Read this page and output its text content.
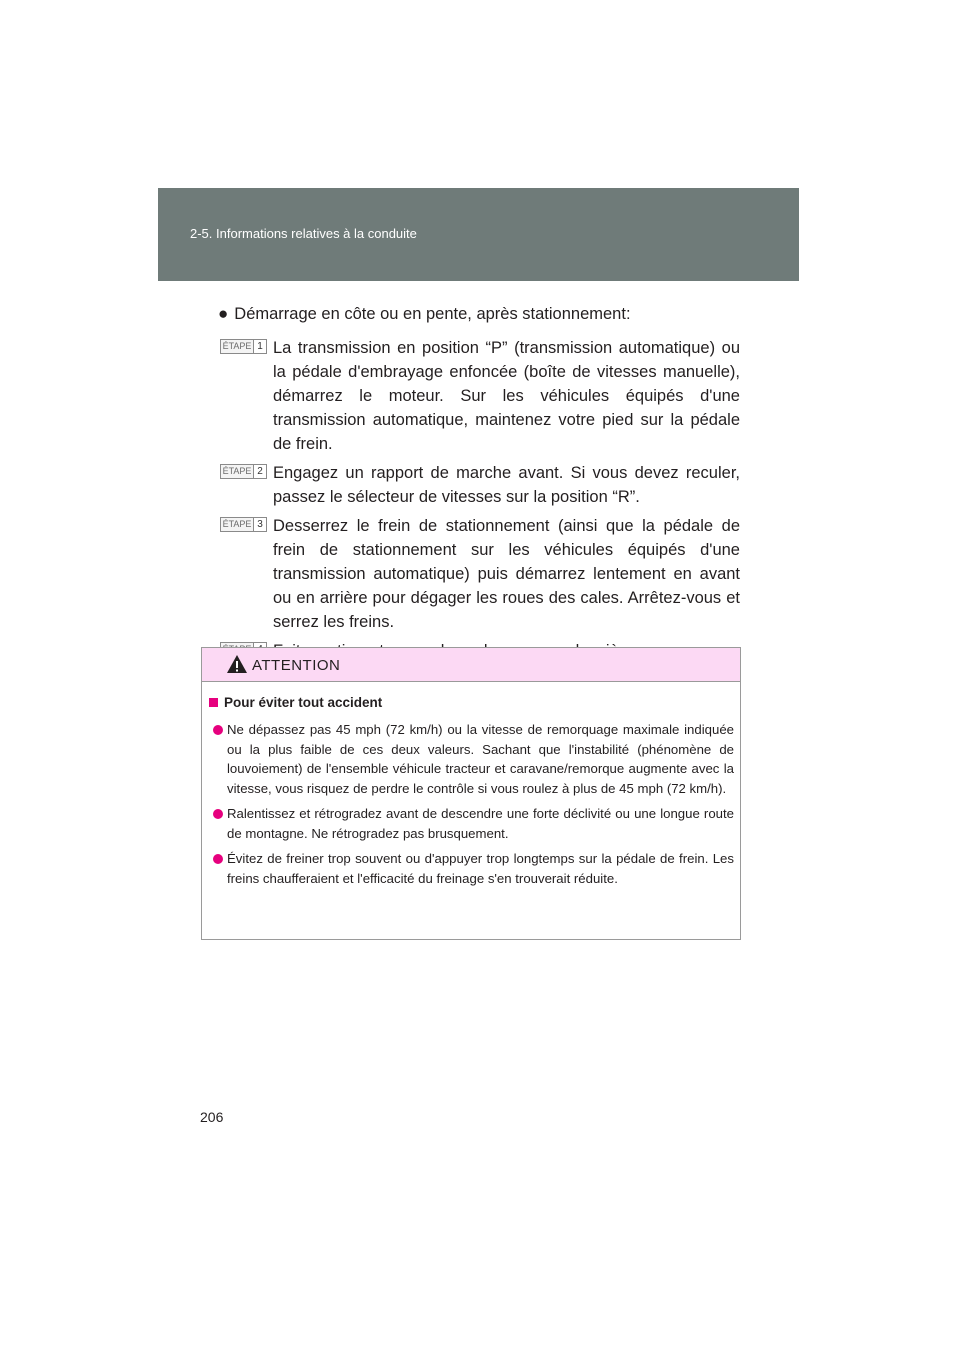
2-5. Informations relatives à la conduite
● Démarrage en côte ou en pente, après stationnement:
ÉTAPE 1 La transmission en position “P” (transmission automatique) ou la pédale d'embrayage enfoncée (boîte de vitesses manuelle), démarrez le moteur. Sur les véhicules équipés d'une transmission automatique, maintenez votre pied sur la pédale de frein.
ÉTAPE 2 Engagez un rapport de marche avant. Si vous devez reculer, passez le sélecteur de vitesses sur la position “R”.
ÉTAPE 3 Desserrez le frein de stationnement (ainsi que la pédale de frein de stationnement sur les véhicules équipés d'une transmission automatique) puis démarrez lentement en avant ou en arrière pour dégager les roues des cales. Arrêtez-vous et serrez les freins.
ATTENTION
Pour éviter tout accident
Ne dépassez pas 45 mph (72 km/h) ou la vitesse de remorquage maximale indiquée ou la plus faible de ces deux valeurs. Sachant que l'instabilité (phénomène de louvoiement) de l'ensemble véhicule tracteur et caravane/remorque augmente avec la vitesse, vous risquez de perdre le contrôle si vous roulez à plus de 45 mph (72 km/h).
Ralentissez et rétrogradez avant de descendre une forte déclivité ou une longue route de montagne. Ne rétrogradez pas brusquement.
Évitez de freiner trop souvent ou d'appuyer trop longtemps sur la pédale de frein. Les freins chaufferaient et l'efficacité du freinage s'en trouverait réduite.
206
